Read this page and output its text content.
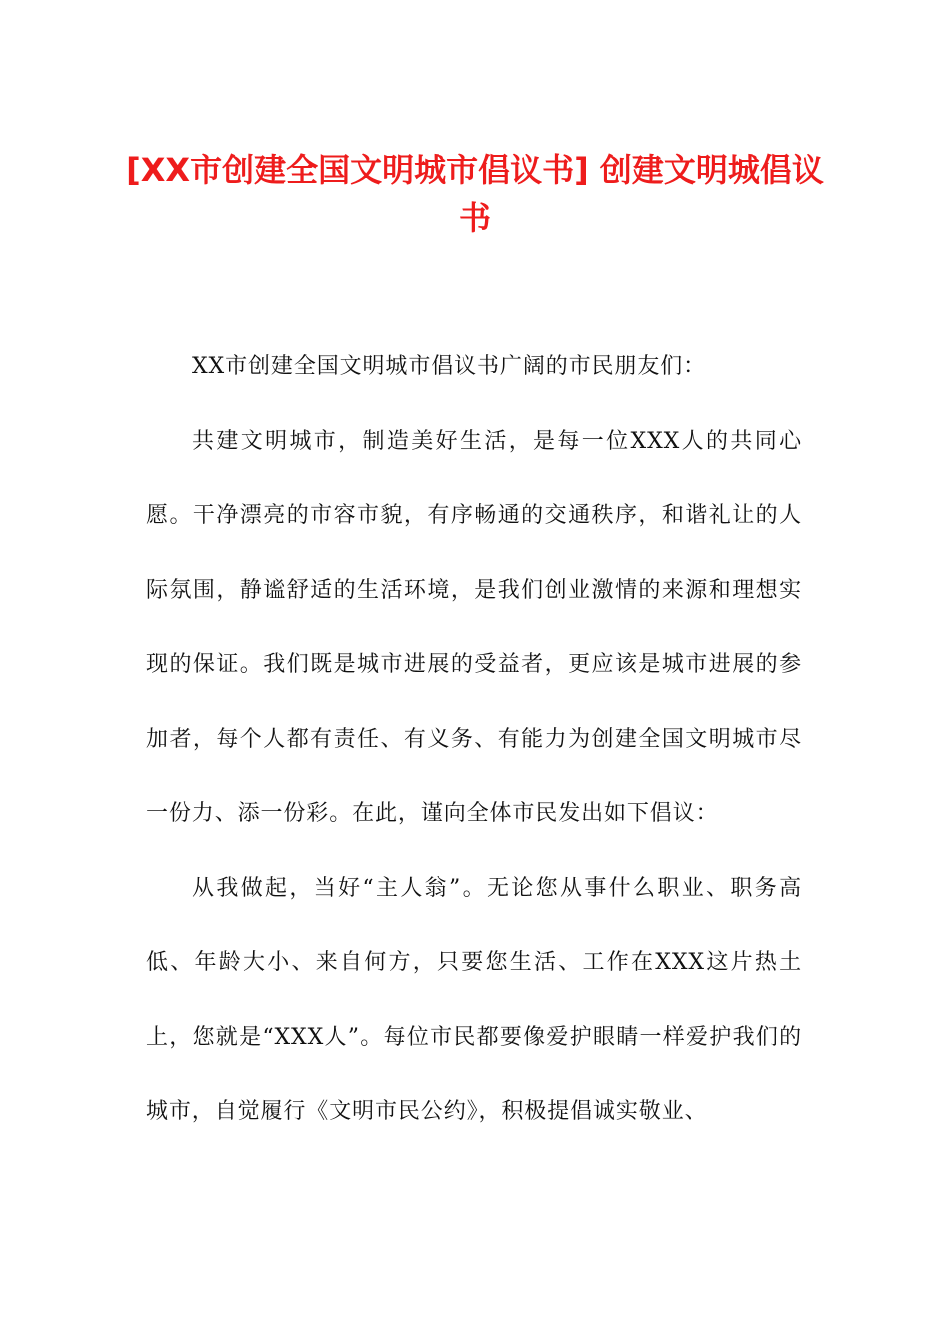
[XX市创建全国文明城市倡议书] 创建文明城倡议书

XX市创建全国文明城市倡议书广阔的市民朋友们：

共建文明城市，制造美好生活，是每一位XXX人的共同心愿。干净漂亮的市容市貌，有序畅通的交通秩序，和谐礼让的人际氛围，静谧舒适的生活环境，是我们创业激情的来源和理想实现的保证。我们既是城市进展的受益者，更应该是城市进展的参加者，每个人都有责任、有义务、有能力为创建全国文明城市尽一份力、添一份彩。在此，谨向全体市民发出如下倡议：

从我做起，当好“主人翁”。无论您从事什么职业、职务高低、年龄大小、来自何方，只要您生活、工作在XXX这片热土上，您就是“XXX人”。每位市民都要像爱护眼睛一样爱护我们的城市，自觉履行《文明市民公约》，积极提倡诚实敬业、
